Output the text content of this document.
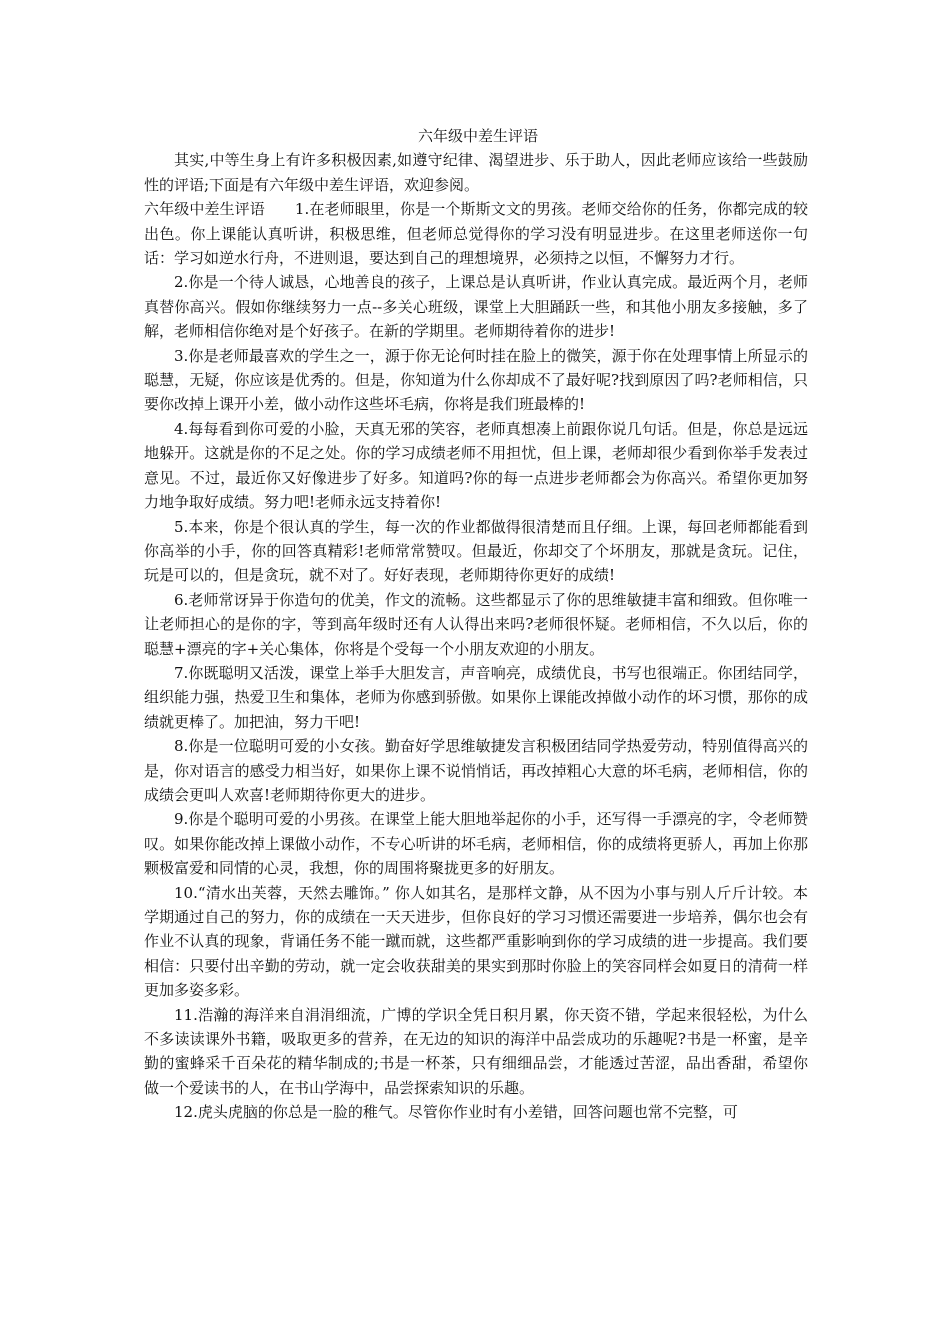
六年级中差生评语

其实,中等生身上有许多积极因素,如遵守纪律、渴望进步、乐于助人，因此老师应该给一些鼓励性的评语;下面是有六年级中差生评语，欢迎参阅。

六年级中差生评语 1.在老师眼里，你是一个斯斯文文的男孩。老师交给你的任务，你都完成的较出色。你上课能认真听讲，积极思维，但老师总觉得你的学习没有明显进步。在这里老师送你一句话：学习如逆水行舟，不进则退，要达到自己的理想境界，必须持之以恒，不懈努力才行。

2.你是一个待人诚恳，心地善良的孩子，上课总是认真听讲，作业认真完成。最近两个月，老师真替你高兴。假如你继续努力一点--多关心班级，课堂上大胆踊跃一些，和其他小朋友多接触，多了解，老师相信你绝对是个好孩子。在新的学期里。老师期待着你的进步!

3.你是老师最喜欢的学生之一，源于你无论何时挂在脸上的微笑，源于你在处理事情上所显示的聪慧，无疑，你应该是优秀的。但是，你知道为什么你却成不了最好呢?找到原因了吗?老师相信，只要你改掉上课开小差，做小动作这些坏毛病，你将是我们班最棒的!

4.每每看到你可爱的小脸，天真无邪的笑容，老师真想凑上前跟你说几句话。但是，你总是远远地躲开。这就是你的不足之处。你的学习成绩老师不用担忧，但上课，老师却很少看到你举手发表过意见。不过，最近你又好像进步了好多。知道吗?你的每一点进步老师都会为你高兴。希望你更加努力地争取好成绩。努力吧!老师永远支持着你!

5.本来，你是个很认真的学生，每一次的作业都做得很清楚而且仔细。上课，每回老师都能看到你高举的小手，你的回答真精彩!老师常常赞叹。但最近，你却交了个坏朋友，那就是贪玩。记住，玩是可以的，但是贪玩，就不对了。好好表现，老师期待你更好的成绩!

6.老师常讶异于你造句的优美，作文的流畅。这些都显示了你的思维敏捷丰富和细致。但你唯一让老师担心的是你的字，等到高年级时还有人认得出来吗?老师很怀疑。老师相信，不久以后，你的聪慧+漂亮的字+关心集体，你将是个受每一个小朋友欢迎的小朋友。

7.你既聪明又活泼，课堂上举手大胆发言，声音响亮，成绩优良，书写也很端正。你团结同学，组织能力强，热爱卫生和集体，老师为你感到骄傲。如果你上课能改掉做小动作的坏习惯，那你的成绩就更棒了。加把油，努力干吧!

8.你是一位聪明可爱的小女孩。勤奋好学思维敏捷发言积极团结同学热爱劳动，特别值得高兴的是，你对语言的感受力相当好，如果你上课不说悄悄话，再改掉粗心大意的坏毛病，老师相信，你的成绩会更叫人欢喜!老师期待你更大的进步。

9.你是个聪明可爱的小男孩。在课堂上能大胆地举起你的小手，还写得一手漂亮的字，令老师赞叹。如果你能改掉上课做小动作，不专心听讲的坏毛病，老师相信，你的成绩将更骄人，再加上你那颗极富爱和同情的心灵，我想，你的周围将聚拢更多的好朋友。

10.“清水出芙蓉，天然去雕饰。” 你人如其名，是那样文静，从不因为小事与别人斤斤计较。本学期通过自己的努力，你的成绩在一天天进步，但你良好的学习习惯还需要进一步培养，偶尔也会有作业不认真的现象，背诵任务不能一蹴而就，这些都严重影响到你的学习成绩的进一步提高。我们要相信：只要付出辛勤的劳动，就一定会收获甜美的果实到那时你脸上的笑容同样会如夏日的清荷一样更加多姿多彩。

11.浩瀚的海洋来自涓涓细流，广博的学识全凭日积月累，你天资不错，学起来很轻松，为什么不多读读课外书籍，吸取更多的营养，在无边的知识的海洋中品尝成功的乐趣呢?书是一杯蜜，是辛勤的蜜蜂采千百朵花的精华制成的;书是一杯茶，只有细细品尝，才能透过苦涩，品出香甜，希望你做一个爱读书的人，在书山学海中，品尝探索知识的乐趣。

12.虎头虎脑的你总是一脸的稚气。尽管你作业时有小差错，回答问题也常不完整，可
